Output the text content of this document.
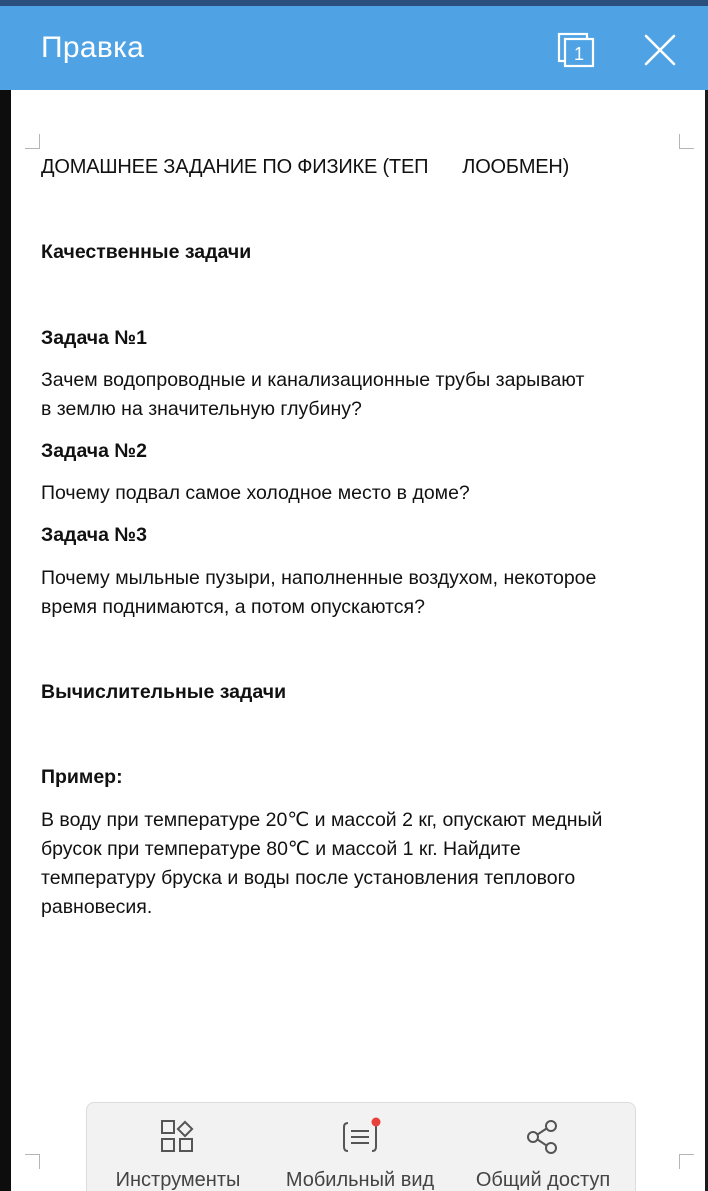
Правка	1
ДОМАШНЕЕ ЗАДАНИЕ ПО ФИЗИКЕ (ТЕП ЛООБМЕН)
Качественные задачи
Задача №1
Зачем водопроводные и канализационные трубы зарывают
в землю на значительную глубину?
Задача №2
Почему подвал самое холодное место в доме?
Задача №3
Почему мыльные пузыри, наполненные воздухом, некоторое
время поднимаются, а потом опускаются?
Вычислительные задачи
Пример:
В воду при температуре 20℃ и массой 2 кг, опускают медный
брусок при температуре 80℃ и массой 1 кг. Найдите
температуру бруска и воды после установления теплового
равновесия.
Инструменты	Мобильный вид	Общий доступ
